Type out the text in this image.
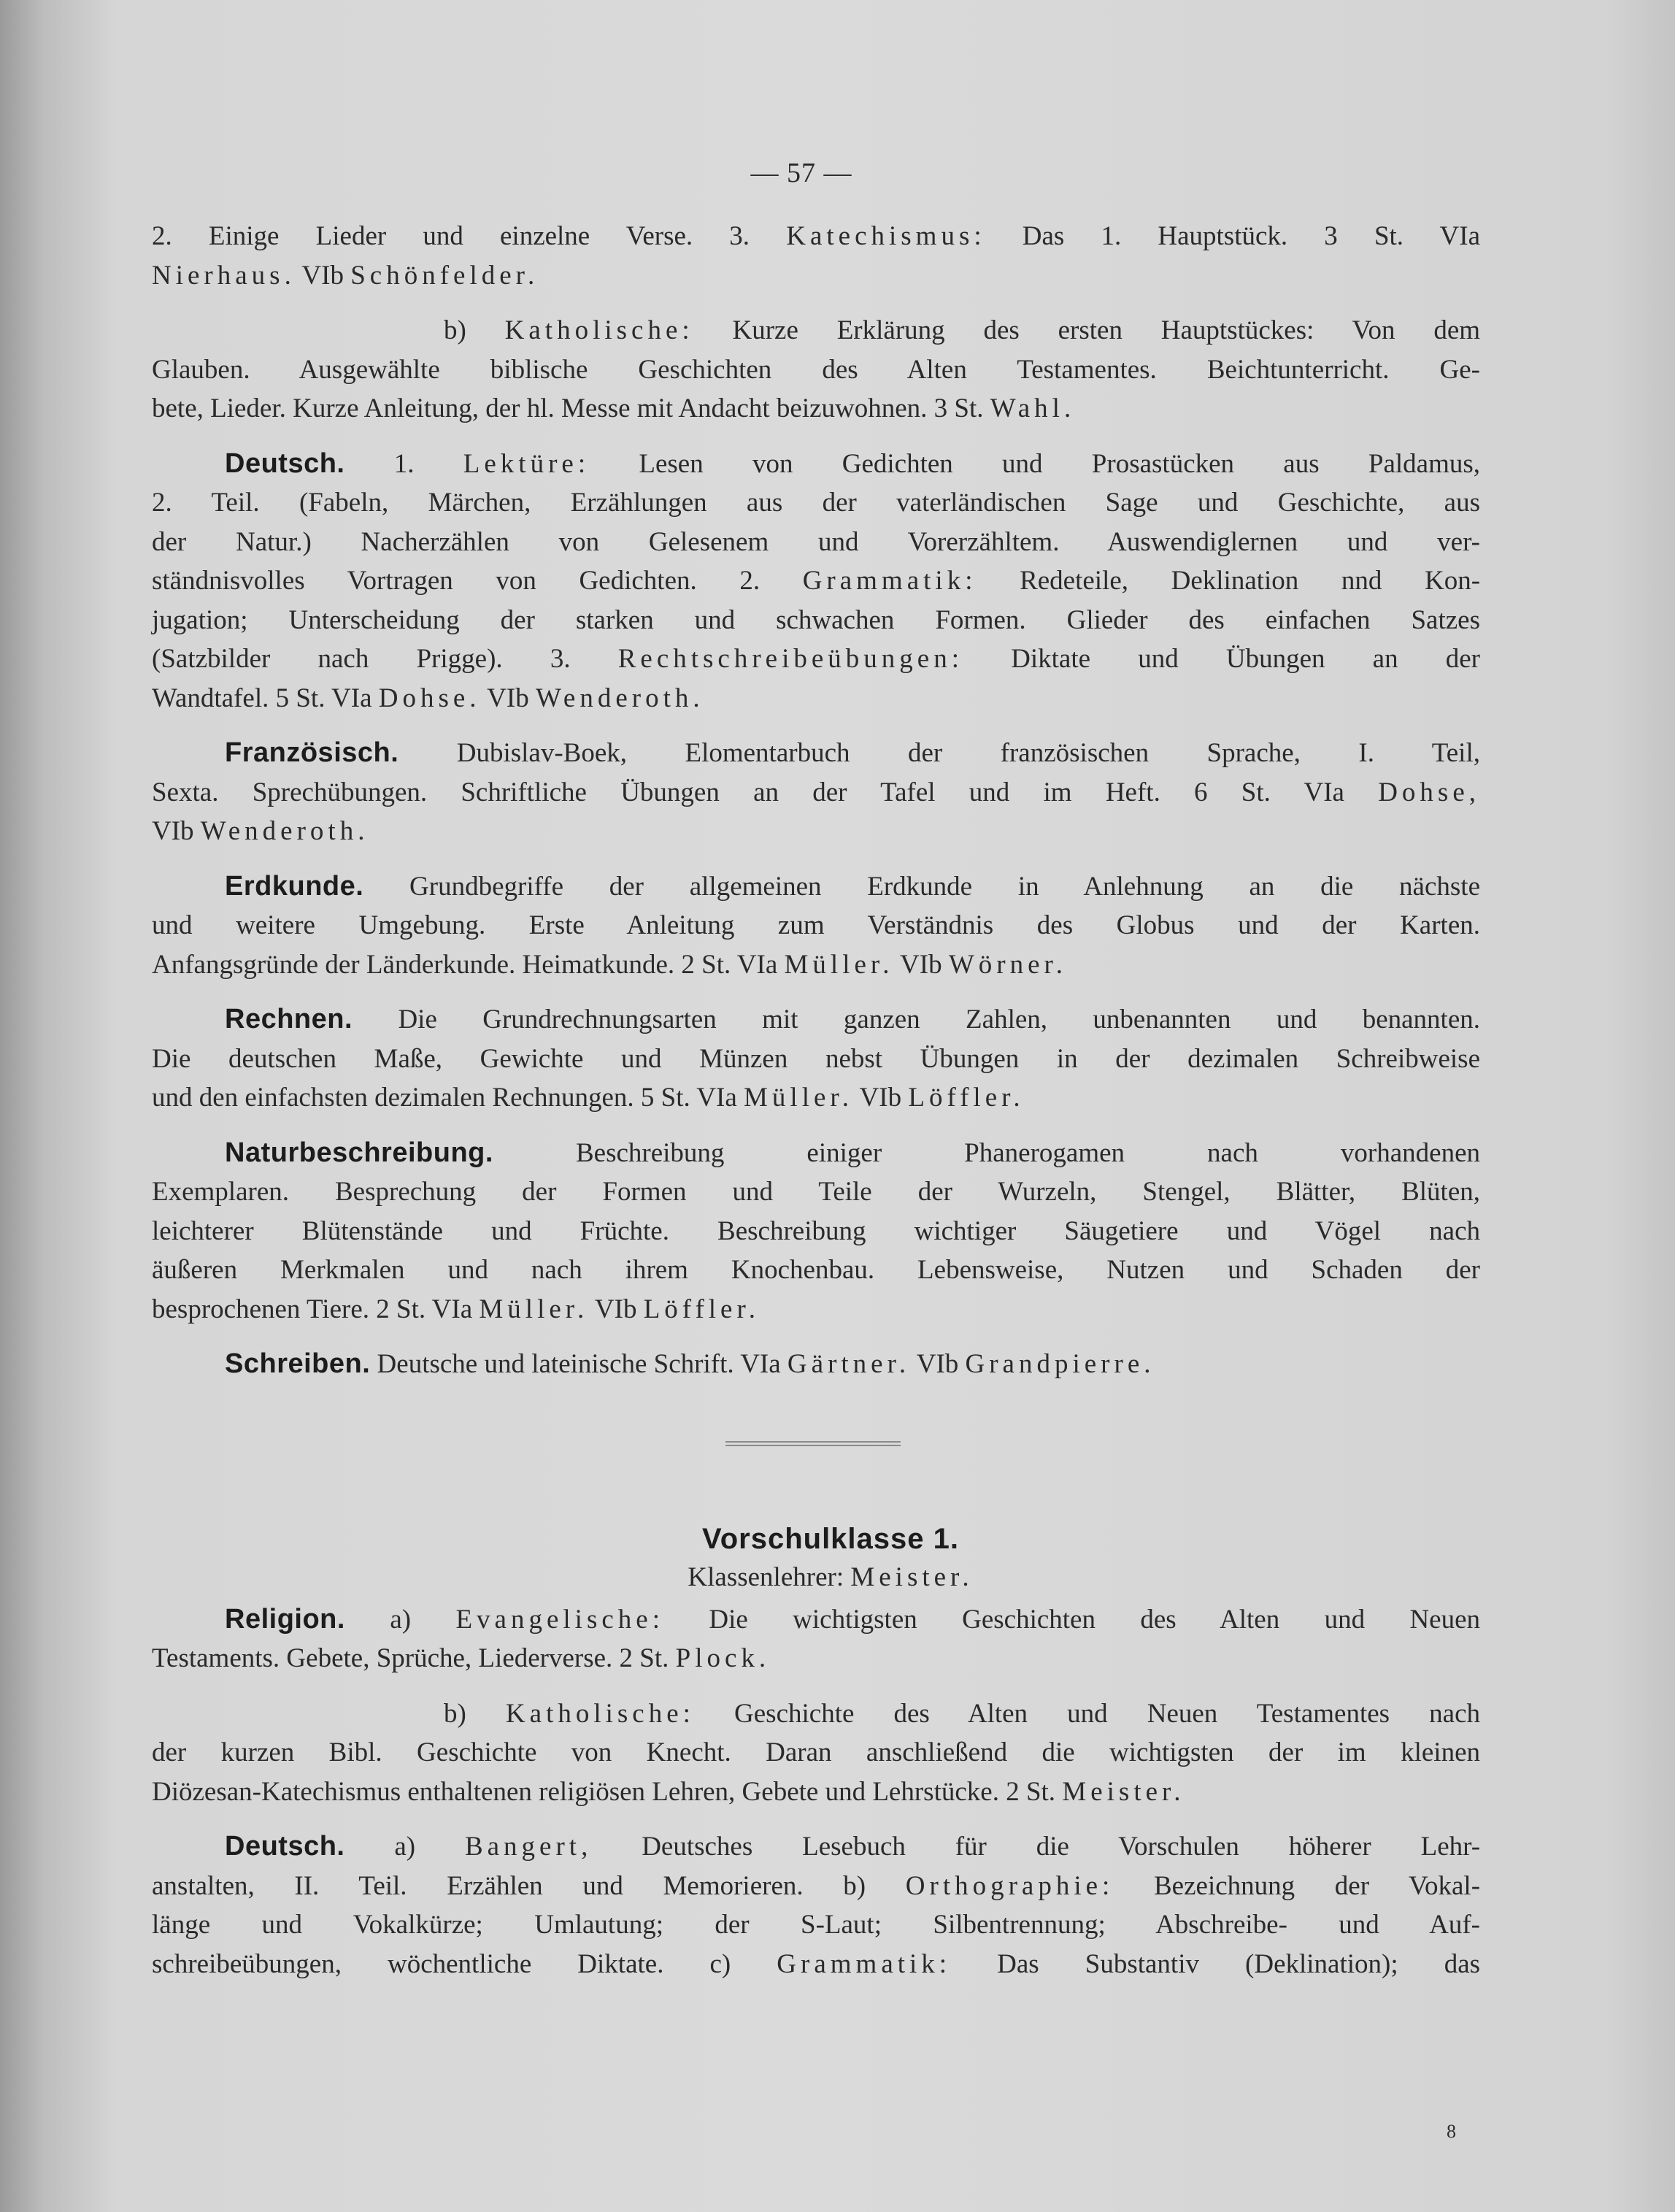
— 57 —

2. Einige Lieder und einzelne Verse. 3. Katechismus: Das 1. Hauptstück. 3 St. VIa

Nierhaus. VIb Schönfelder.

b) Katholische: Kurze Erklärung des ersten Hauptstückes: Von dem

Glauben. Ausgewählte biblische Geschichten des Alten Testamentes. Beichtunterricht. Ge-

bete, Lieder. Kurze Anleitung, der hl. Messe mit Andacht beizuwohnen. 3 St. Wahl.

Deutsch. 1. Lektüre: Lesen von Gedichten und Prosastücken aus Paldamus,

2. Teil. (Fabeln, Märchen, Erzählungen aus der vaterländischen Sage und Geschichte, aus

der Natur.) Nacherzählen von Gelesenem und Vorerzähltem. Auswendiglernen und ver-

ständnisvolles Vortragen von Gedichten. 2. Grammatik: Redeteile, Deklination nnd Kon-

jugation; Unterscheidung der starken und schwachen Formen. Glieder des einfachen Satzes

(Satzbilder nach Prigge). 3. Rechtschreibeübungen: Diktate und Übungen an der

Wandtafel. 5 St. VIa Dohse. VIb Wenderoth.

Französisch. Dubislav-Boek, Elomentarbuch der französischen Sprache, I. Teil,

Sexta. Sprechübungen. Schriftliche Übungen an der Tafel und im Heft. 6 St. VIa Dohse,

VIb Wenderoth.

Erdkunde. Grundbegriffe der allgemeinen Erdkunde in Anlehnung an die nächste

und weitere Umgebung. Erste Anleitung zum Verständnis des Globus und der Karten.

Anfangsgründe der Länderkunde. Heimatkunde. 2 St. VIa Müller. VIb Wörner.

Rechnen. Die Grundrechnungsarten mit ganzen Zahlen, unbenannten und benannten.

Die deutschen Maße, Gewichte und Münzen nebst Übungen in der dezimalen Schreibweise

und den einfachsten dezimalen Rechnungen. 5 St. VIa Müller. VIb Löffler.

Naturbeschreibung.	Beschreibung einiger Phanerogamen nach vorhandenen

Exemplaren. Besprechung der Formen und Teile der Wurzeln, Stengel, Blätter, Blüten,

leichterer Blütenstände und Früchte. Beschreibung wichtiger Säugetiere und Vögel nach

äußeren Merkmalen und nach ihrem Knochenbau. Lebensweise, Nutzen und Schaden der

besprochenen Tiere. 2 St. VIa Müller. VIb Löffler.

Schreiben. Deutsche und lateinische Schrift. VIa Gärtner. VIb Grandpierre.

Vorschulklasse 1.
Klassenlehrer: Meister.

Religion. a) Evangelische: Die wichtigsten Geschichten des Alten und Neuen

Testaments. Gebete, Sprüche, Liederverse. 2 St. Plock.

b) Katholische: Geschichte des Alten und Neuen Testamentes nach

der kurzen Bibl. Geschichte von Knecht. Daran anschließend die wichtigsten der im kleinen

Diözesan-Katechismus enthaltenen religiösen Lehren, Gebete und Lehrstücke. 2 St. Meister.

Deutsch. a) Bangert, Deutsches Lesebuch für die Vorschulen höherer Lehr-

anstalten, II. Teil. Erzählen und Memorieren. b) Orthographie: Bezeichnung der Vokal-

länge und Vokalkürze; Umlautung; der S-Laut; Silbentrennung; Abschreibe- und Auf-

schreibeübungen, wöchentliche Diktate. c) Grammatik: Das Substantiv (Deklination); das

8
